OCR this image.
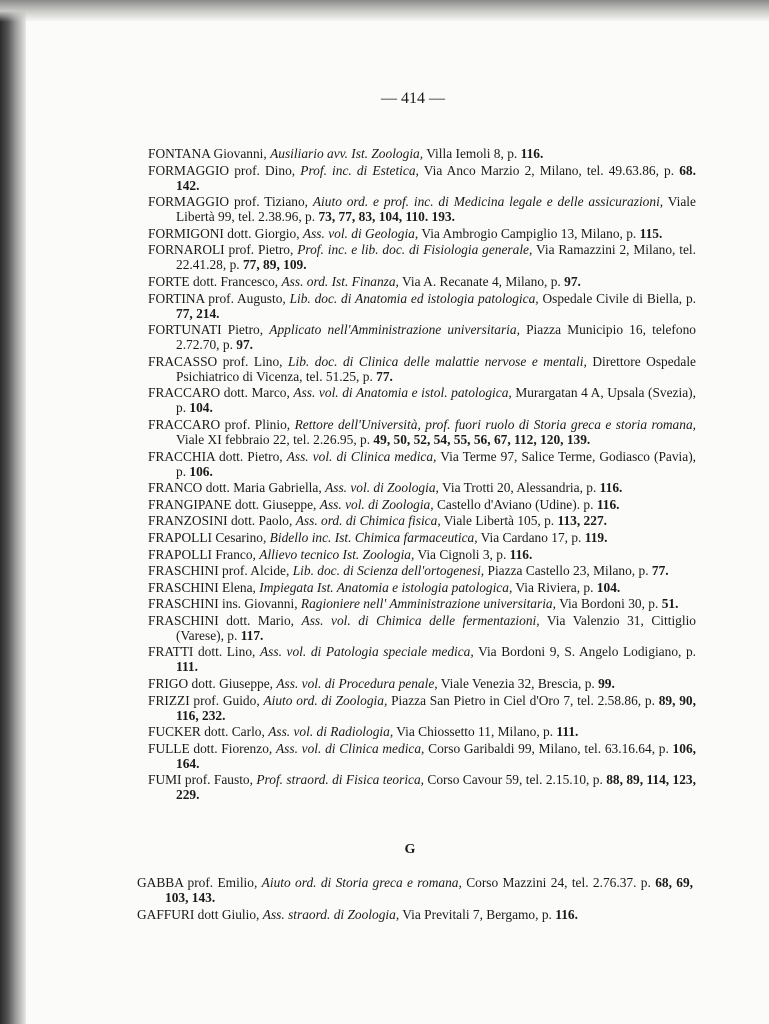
— 414 —
FONTANA Giovanni, Ausiliario avv. Ist. Zoologia, Villa Iemoli 8, p. 116.
FORMAGGIO prof. Dino, Prof. inc. di Estetica, Via Anco Marzio 2, Milano, tel. 49.63.86, p. 68. 142.
FORMAGGIO prof. Tiziano, Aiuto ord. e prof. inc. di Medicina legale e delle assicurazioni, Viale Libertà 99, tel. 2.38.96, p. 73, 77, 83, 104, 110. 193.
FORMIGONI dott. Giorgio, Ass. vol. di Geologia, Via Ambrogio Campiglio 13, Milano, p. 115.
FORNAROLI prof. Pietro, Prof. inc. e lib. doc. di Fisiologia generale, Via Ramazzini 2, Milano, tel. 22.41.28, p. 77, 89, 109.
FORTE dott. Francesco, Ass. ord. Ist. Finanza, Via A. Recanate 4, Milano, p. 97.
FORTINA prof. Augusto, Lib. doc. di Anatomia ed istologia patologica, Ospedale Civile di Biella, p. 77, 214.
FORTUNATI Pietro, Applicato nell'Amministrazione universitaria, Piazza Municipio 16, telefono 2.72.70, p. 97.
FRACASSO prof. Lino, Lib. doc. di Clinica delle malattie nervose e mentali, Direttore Ospedale Psichiatrico di Vicenza, tel. 51.25, p. 77.
FRACCARO dott. Marco, Ass. vol. di Anatomia e istol. patologica, Murargatan 4 A, Upsala (Svezia), p. 104.
FRACCARO prof. Plinio, Rettore dell'Università, prof. fuori ruolo di Storia greca e storia romana, Viale XI febbraio 22, tel. 2.26.95, p. 49, 50, 52, 54, 55, 56, 67, 112, 120, 139.
FRACCHIA dott. Pietro, Ass. vol. di Clinica medica, Via Terme 97, Salice Terme, Godiasco (Pavia), p. 106.
FRANCO dott. Maria Gabriella, Ass. vol. di Zoologia, Via Trotti 20, Alessandria, p. 116.
FRANGIPANE dott. Giuseppe, Ass. vol. di Zoologia, Castello d'Aviano (Udine). p. 116.
FRANZOSINI dott. Paolo, Ass. ord. di Chimica fisica, Viale Libertà 105, p. 113, 227.
FRAPOLLI Cesarino, Bidello inc. Ist. Chimica farmaceutica, Via Cardano 17, p. 119.
FRAPOLLI Franco, Allievo tecnico Ist. Zoologia, Via Cignoli 3, p. 116.
FRASCHINI prof. Alcide, Lib. doc. di Scienza dell'ortogenesi, Piazza Castello 23, Milano, p. 77.
FRASCHINI Elena, Impiegata Ist. Anatomia e istologia patologica, Via Riviera, p. 104.
FRASCHINI ins. Giovanni, Ragioniere nell' Amministrazione universitaria, Via Bordoni 30, p. 51.
FRASCHINI dott. Mario, Ass. vol. di Chimica delle fermentazioni, Via Valenzio 31, Cittiglio (Varese), p. 117.
FRATTI dott. Lino, Ass. vol. di Patologia speciale medica, Via Bordoni 9, S. Angelo Lodigiano, p. 111.
FRIGO dott. Giuseppe, Ass. vol. di Procedura penale, Viale Venezia 32, Brescia, p. 99.
FRIZZI prof. Guido, Aiuto ord. di Zoologia, Piazza San Pietro in Ciel d'Oro 7, tel. 2.58.86, p. 89, 90, 116, 232.
FUCKER dott. Carlo, Ass. vol. di Radiologia, Via Chiossetto 11, Milano, p. 111.
FULLE dott. Fiorenzo, Ass. vol. di Clinica medica, Corso Garibaldi 99, Milano, tel. 63.16.64, p. 106, 164.
FUMI prof. Fausto, Prof. straord. di Fisica teorica, Corso Cavour 59, tel. 2.15.10, p. 88, 89, 114, 123, 229.
G
GABBA prof. Emilio, Aiuto ord. di Storia greca e romana, Corso Mazzini 24, tel. 2.76.37. p. 68, 69, 103, 143.
GAFFURI dott Giulio, Ass. straord. di Zoologia, Via Previtali 7, Bergamo, p. 116.
